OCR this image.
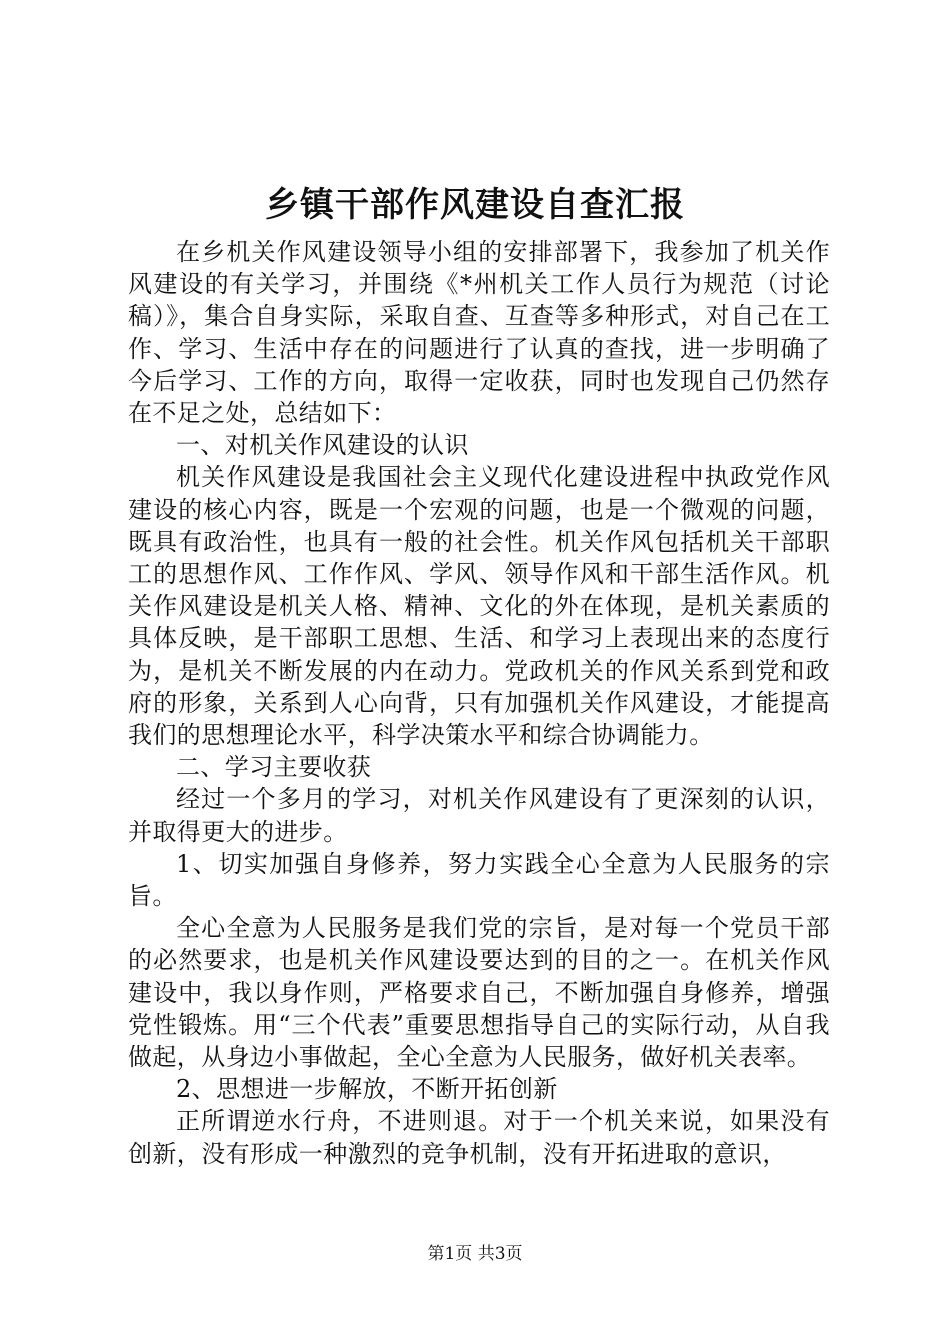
乡镇干部作风建设自查汇报

在乡机关作风建设领导小组的安排部署下，我参加了机关作风建设的有关学习，并围绕《*州机关工作人员行为规范（讨论稿）》，集合自身实际，采取自查、互查等多种形式，对自己在工作、学习、生活中存在的问题进行了认真的查找，进一步明确了今后学习、工作的方向，取得一定收获，同时也发现自己仍然存在不足之处，总结如下：

一、对机关作风建设的认识

机关作风建设是我国社会主义现代化建设进程中执政党作风建设的核心内容，既是一个宏观的问题，也是一个微观的问题，既具有政治性，也具有一般的社会性。机关作风包括机关干部职工的思想作风、工作作风、学风、领导作风和干部生活作风。机关作风建设是机关人格、精神、文化的外在体现，是机关素质的具体反映，是干部职工思想、生活、和学习上表现出来的态度行为，是机关不断发展的内在动力。党政机关的作风关系到党和政府的形象，关系到人心向背，只有加强机关作风建设，才能提高我们的思想理论水平，科学决策水平和综合协调能力。

二、学习主要收获

经过一个多月的学习，对机关作风建设有了更深刻的认识，并取得更大的进步。

1、切实加强自身修养，努力实践全心全意为人民服务的宗旨。

全心全意为人民服务是我们党的宗旨，是对每一个党员干部的必然要求，也是机关作风建设要达到的目的之一。在机关作风建设中，我以身作则，严格要求自己，不断加强自身修养，增强党性锻炼。用“三个代表”重要思想指导自己的实际行动，从自我做起，从身边小事做起，全心全意为人民服务，做好机关表率。

2、思想进一步解放，不断开拓创新

正所谓逆水行舟，不进则退。对于一个机关来说，如果没有创新，没有形成一种激烈的竞争机制，没有开拓进取的意识，

第1页 共3页
